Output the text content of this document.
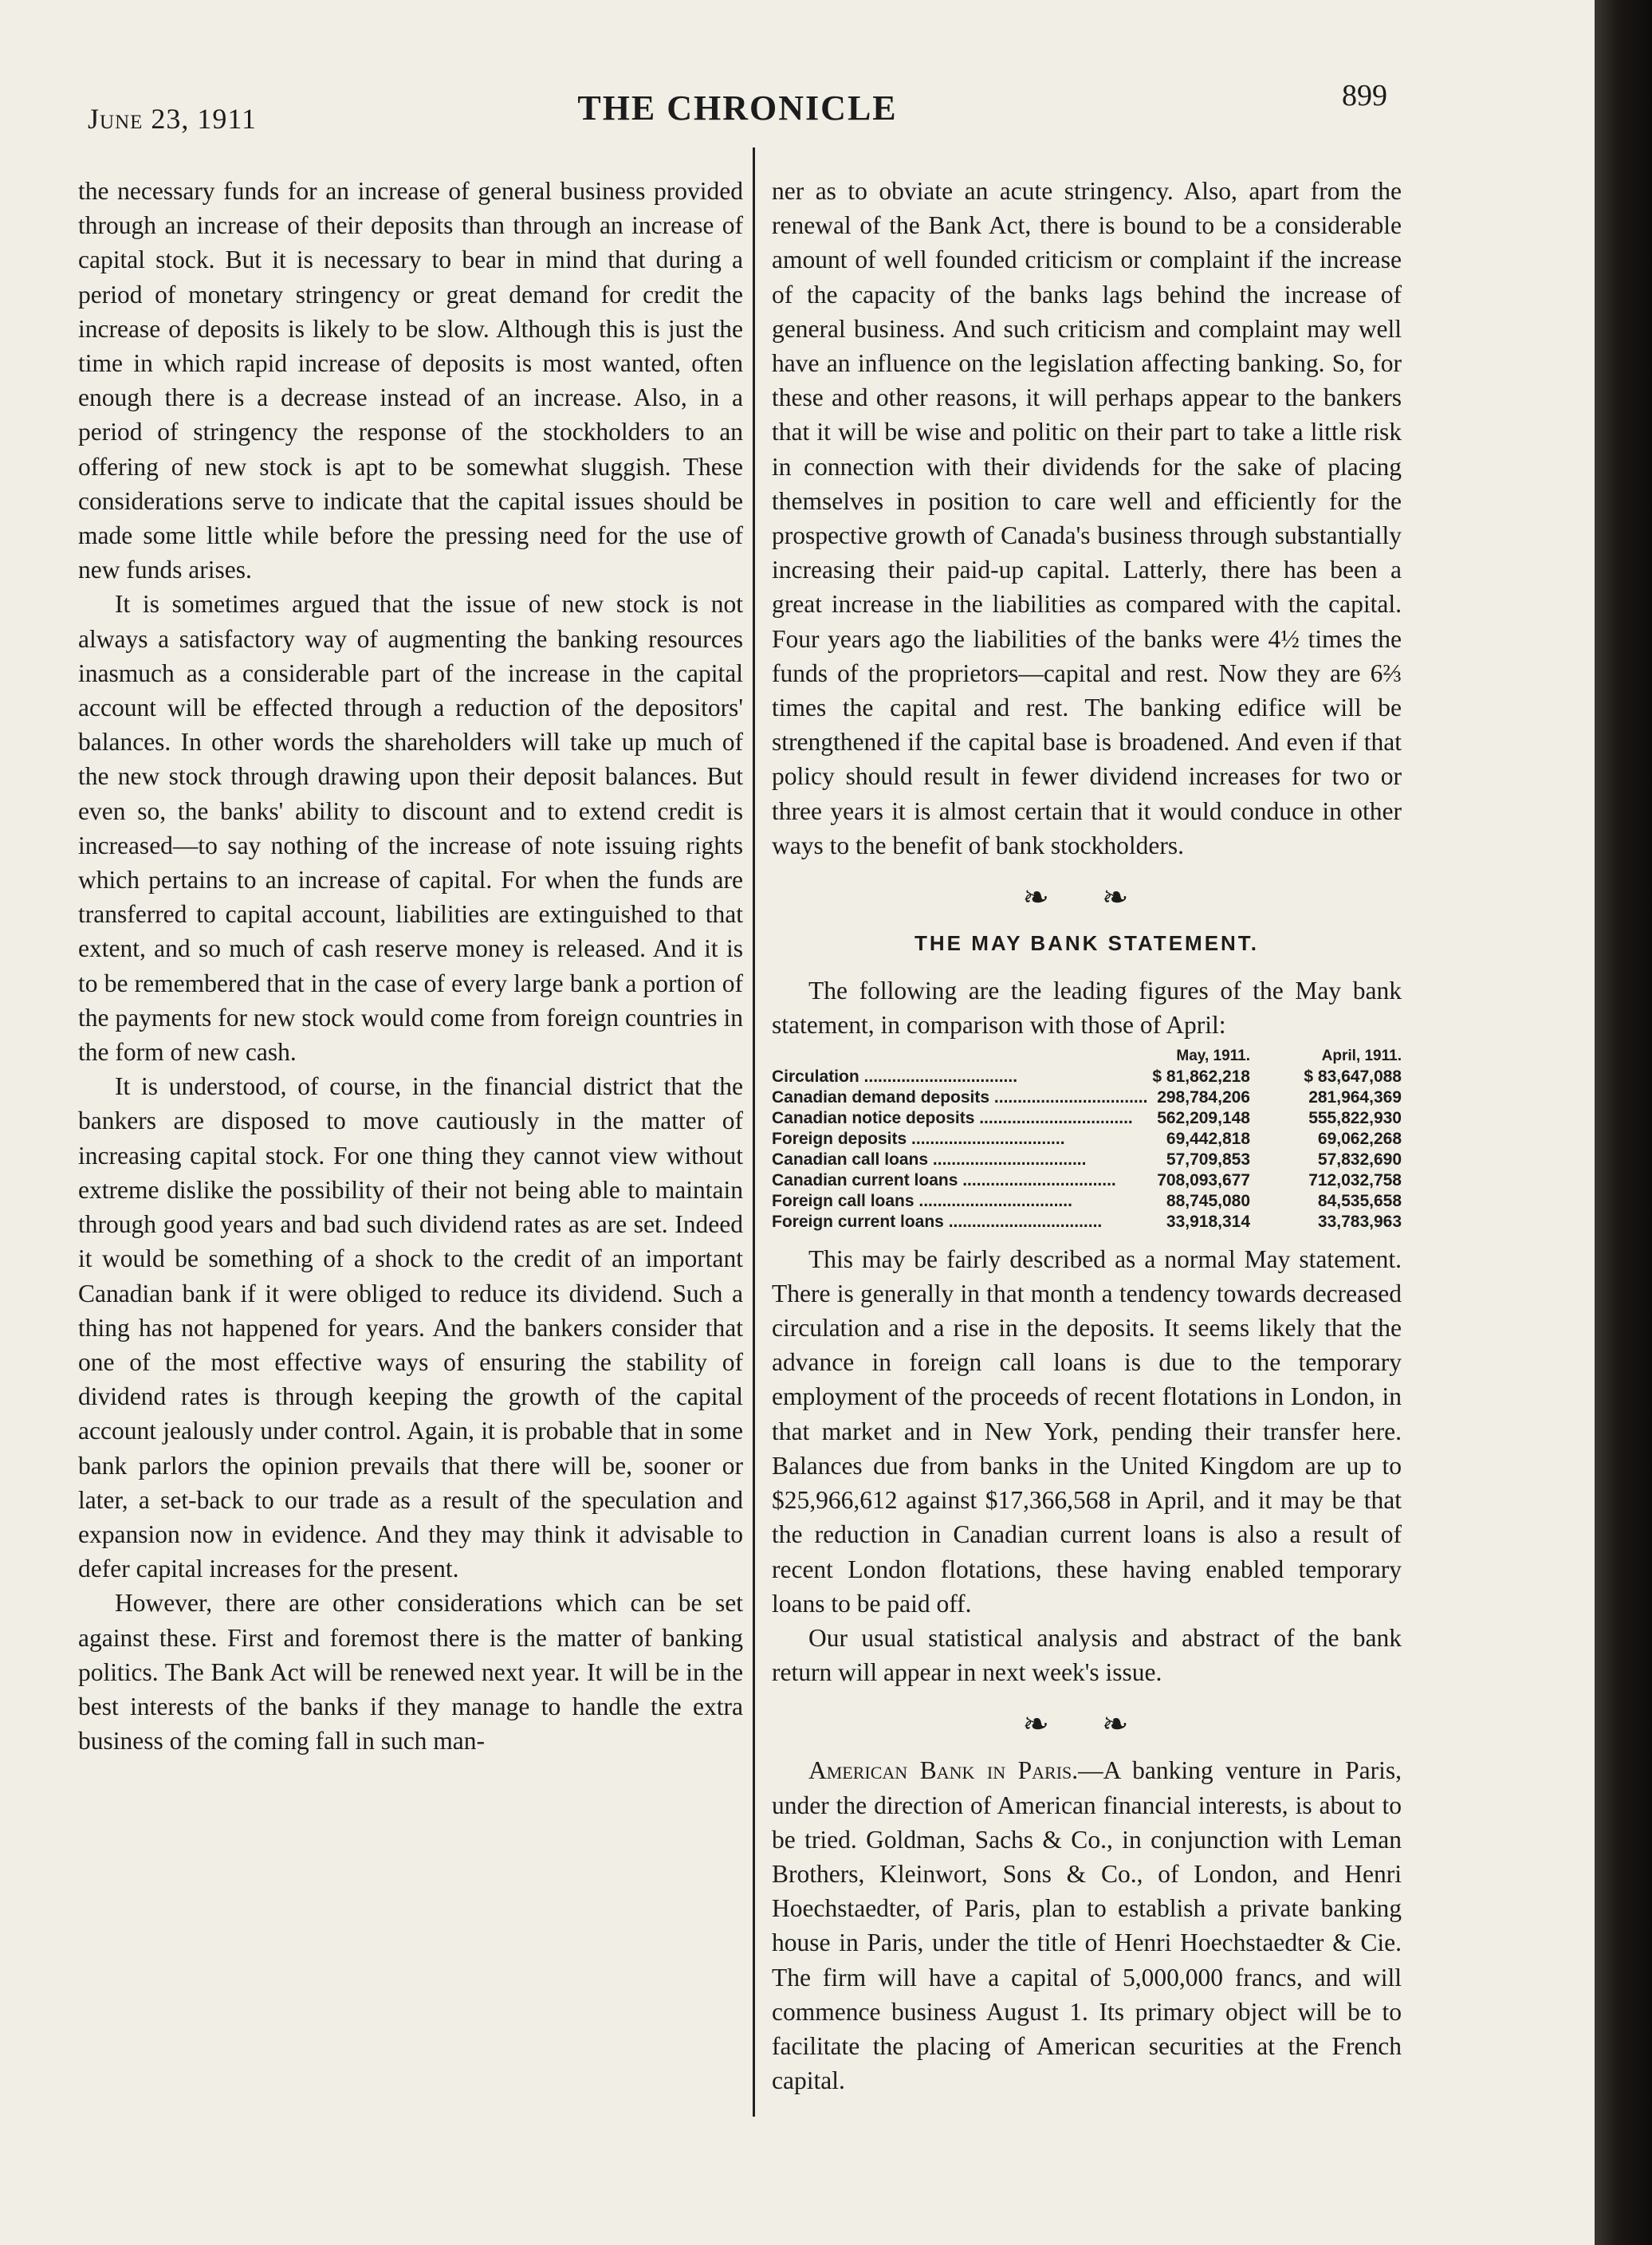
June 23, 1911	THE CHRONICLE	899

the necessary funds for an increase of general business provided through an increase of their deposits than through an increase of capital stock. But it is necessary to bear in mind that during a period of monetary stringency or great demand for credit the increase of deposits is likely to be slow. Although this is just the time in which rapid increase of deposits is most wanted, often enough there is a decrease instead of an increase. Also, in a period of stringency the response of the stockholders to an offering of new stock is apt to be somewhat sluggish. These considerations serve to indicate that the capital issues should be made some little while before the pressing need for the use of new funds arises.

It is sometimes argued that the issue of new stock is not always a satisfactory way of augmenting the banking resources inasmuch as a considerable part of the increase in the capital account will be effected through a reduction of the depositors' balances. In other words the shareholders will take up much of the new stock through drawing upon their deposit balances. But even so, the banks' ability to discount and to extend credit is increased—to say nothing of the increase of note issuing rights which pertains to an increase of capital. For when the funds are transferred to capital account, liabilities are extinguished to that extent, and so much of cash reserve money is released. And it is to be remembered that in the case of every large bank a portion of the payments for new stock would come from foreign countries in the form of new cash.

It is understood, of course, in the financial district that the bankers are disposed to move cautiously in the matter of increasing capital stock. For one thing they cannot view without extreme dislike the possibility of their not being able to maintain through good years and bad such dividend rates as are set. Indeed it would be something of a shock to the credit of an important Canadian bank if it were obliged to reduce its dividend. Such a thing has not happened for years. And the bankers consider that one of the most effective ways of ensuring the stability of dividend rates is through keeping the growth of the capital account jealously under control. Again, it is probable that in some bank parlors the opinion prevails that there will be, sooner or later, a set-back to our trade as a result of the speculation and expansion now in evidence. And they may think it advisable to defer capital increases for the present.

However, there are other considerations which can be set against these. First and foremost there is the matter of banking politics. The Bank Act will be renewed next year. It will be in the best interests of the banks if they manage to handle the extra business of the coming fall in such man-

ner as to obviate an acute stringency. Also, apart from the renewal of the Bank Act, there is bound to be a considerable amount of well founded criticism or complaint if the increase of the capacity of the banks lags behind the increase of general business. And such criticism and complaint may well have an influence on the legislation affecting banking. So, for these and other reasons, it will perhaps appear to the bankers that it will be wise and politic on their part to take a little risk in connection with their dividends for the sake of placing themselves in position to care well and efficiently for the prospective growth of Canada's business through substantially increasing their paid-up capital. Latterly, there has been a great increase in the liabilities as compared with the capital. Four years ago the liabilities of the banks were 4½ times the funds of the proprietors—capital and rest. Now they are 6⅔ times the capital and rest. The banking edifice will be strengthened if the capital base is broadened. And even if that policy should result in fewer dividend increases for two or three years it is almost certain that it would conduce in other ways to the benefit of bank stockholders.

❧ ❧
THE MAY BANK STATEMENT.

The following are the leading figures of the May bank statement, in comparison with those of April:

May, 1911.	April, 1911.
Circulation .................................	$ 81,862,218	$ 83,647,088
Canadian demand deposits ................................. 298,784,206	281,964,369
Canadian notice deposits .................................	562,209,148	555,822,930
Foreign deposits .................................	69,442,818	69,062,268
Canadian call loans .................................	57,709,853	57,832,690
Canadian current loans .................................	708,093,677	712,032,758
Foreign call loans .................................	88,745,080	84,535,658
Foreign current loans .................................	33,918,314	33,783,963

This may be fairly described as a normal May statement. There is generally in that month a tendency towards decreased circulation and a rise in the deposits. It seems likely that the advance in foreign call loans is due to the temporary employment of the proceeds of recent flotations in London, in that market and in New York, pending their transfer here. Balances due from banks in the United Kingdom are up to $25,966,612 against $17,366,568 in April, and it may be that the reduction in Canadian current loans is also a result of recent London flotations, these having enabled temporary loans to be paid off.

Our usual statistical analysis and abstract of the bank return will appear in next week's issue.

❧ ❧

American Bank in Paris.—A banking venture in Paris, under the direction of American financial interests, is about to be tried. Goldman, Sachs & Co., in conjunction with Leman Brothers, Kleinwort, Sons & Co., of London, and Henri Hoechstaedter, of Paris, plan to establish a private banking house in Paris, under the title of Henri Hoechstaedter & Cie. The firm will have a capital of 5,000,000 francs, and will commence business August 1. Its primary object will be to facilitate the placing of American securities at the French capital.
